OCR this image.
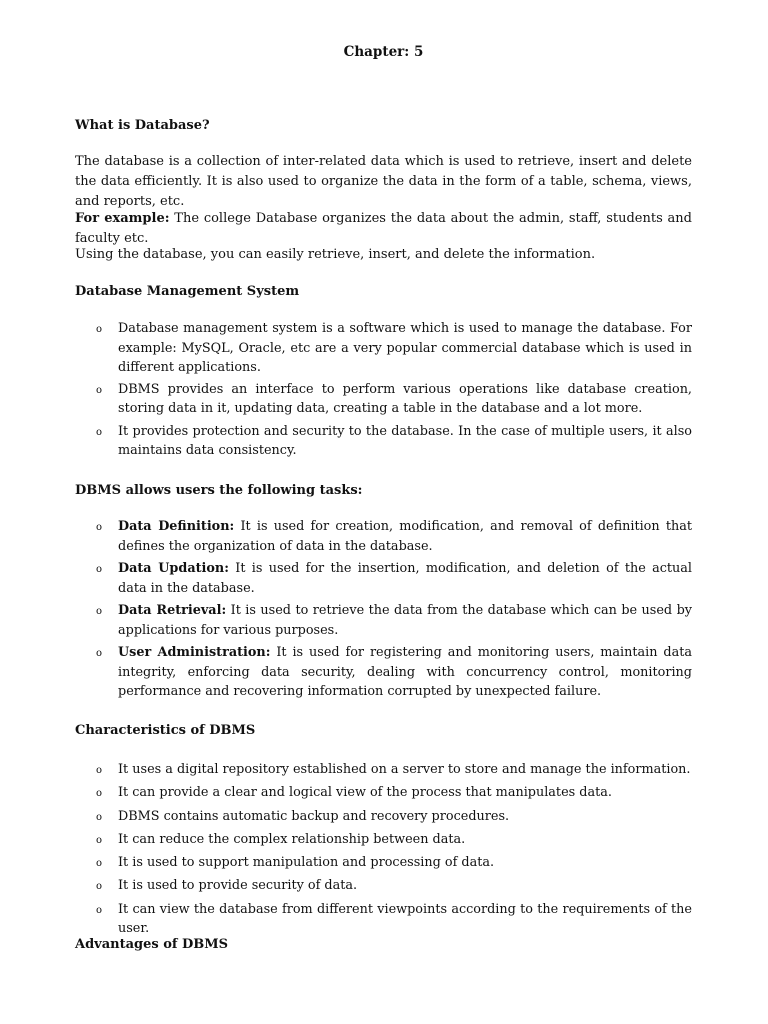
Chapter: 5
What is Database?
The database is a collection of inter-related data which is used to retrieve, insert and delete the data efficiently. It is also used to organize the data in the form of a table, schema, views, and reports, etc.
For example: The college Database organizes the data about the admin, staff, students and faculty etc.
Using the database, you can easily retrieve, insert, and delete the information.
Database Management System
o Database management system is a software which is used to manage the database. For example: MySQL, Oracle, etc are a very popular commercial database which is used in different applications.
o DBMS provides an interface to perform various operations like database creation, storing data in it, updating data, creating a table in the database and a lot more.
o It provides protection and security to the database. In the case of multiple users, it also maintains data consistency.
DBMS allows users the following tasks:
o Data Definition: It is used for creation, modification, and removal of definition that defines the organization of data in the database.
o Data Updation: It is used for the insertion, modification, and deletion of the actual data in the database.
o Data Retrieval: It is used to retrieve the data from the database which can be used by applications for various purposes.
o User Administration: It is used for registering and monitoring users, maintain data integrity, enforcing data security, dealing with concurrency control, monitoring performance and recovering information corrupted by unexpected failure.
Characteristics of DBMS
o It uses a digital repository established on a server to store and manage the information.
o It can provide a clear and logical view of the process that manipulates data.
o DBMS contains automatic backup and recovery procedures.
o It can reduce the complex relationship between data.
o It is used to support manipulation and processing of data.
o It is used to provide security of data.
o It can view the database from different viewpoints according to the requirements of the user.
Advantages of DBMS
